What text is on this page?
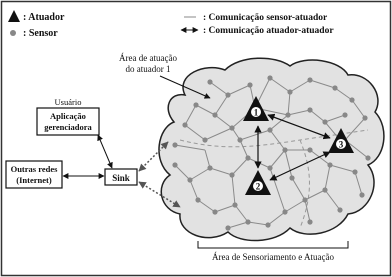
: Atuador
: Sensor
: Comunicação sensor-atuador
: Comunicação atuador-atuador
1
2
3
Área de atuação
do atuador 1
Usuário
Aplicação
gerenciadora
Outras redes
(Internet)	Sink
Área de Sensoriamento e Atuação
